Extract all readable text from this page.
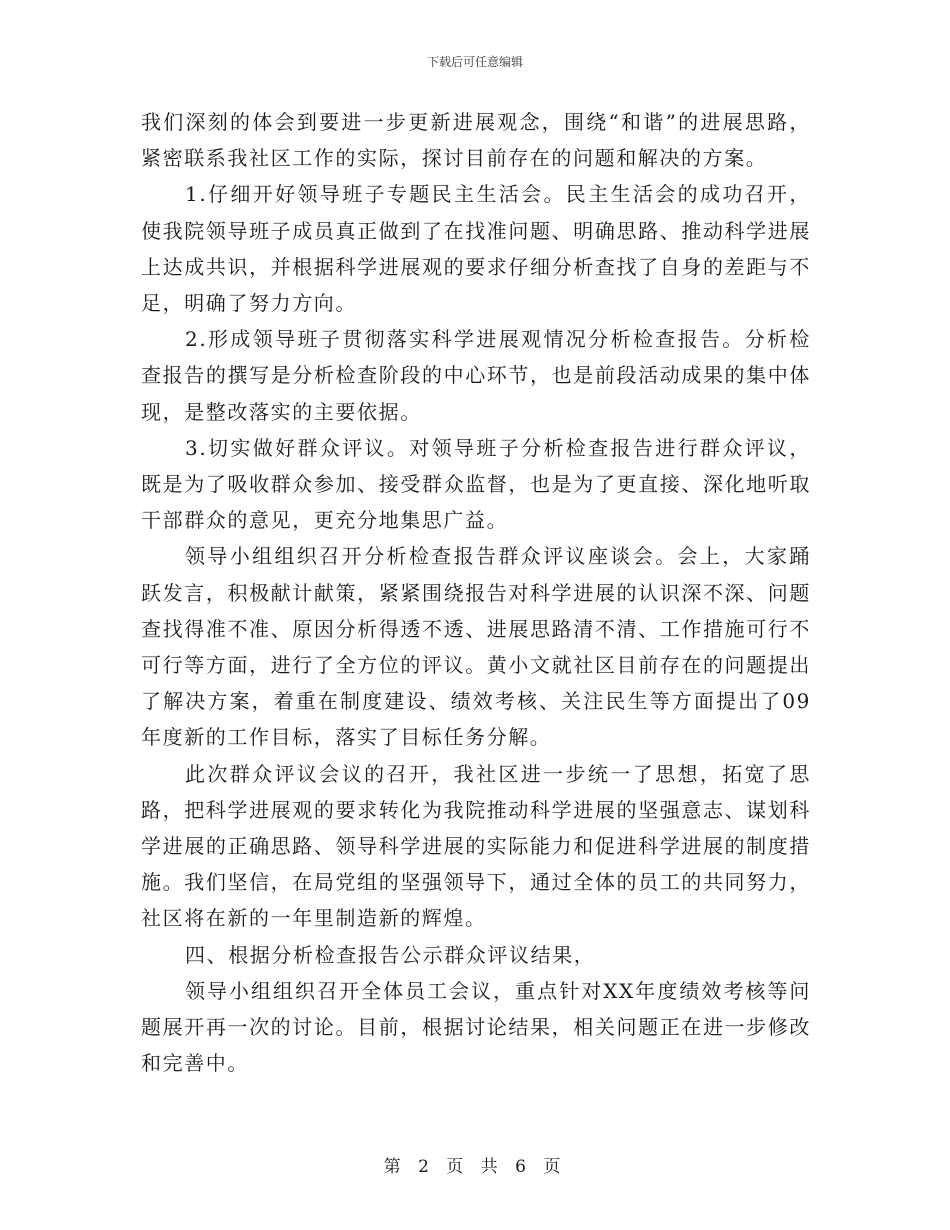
下载后可任意编辑

我们深刻的体会到要进一步更新进展观念，围绕“和谐”的进展思路，紧密联系我社区工作的实际，探讨目前存在的问题和解决的方案。

1.仔细开好领导班子专题民主生活会。民主生活会的成功召开，使我院领导班子成员真正做到了在找准问题、明确思路、推动科学进展上达成共识，并根据科学进展观的要求仔细分析查找了自身的差距与不足，明确了努力方向。

2.形成领导班子贯彻落实科学进展观情况分析检查报告。分析检查报告的撰写是分析检查阶段的中心环节，也是前段活动成果的集中体现，是整改落实的主要依据。

3.切实做好群众评议。对领导班子分析检查报告进行群众评议，既是为了吸收群众参加、接受群众监督，也是为了更直接、深化地听取干部群众的意见，更充分地集思广益。

领导小组组织召开分析检查报告群众评议座谈会。会上，大家踊跃发言，积极献计献策，紧紧围绕报告对科学进展的认识深不深、问题查找得准不准、原因分析得透不透、进展思路清不清、工作措施可行不可行等方面，进行了全方位的评议。黄小文就社区目前存在的问题提出了解决方案，着重在制度建设、绩效考核、关注民生等方面提出了09年度新的工作目标，落实了目标任务分解。

此次群众评议会议的召开，我社区进一步统一了思想，拓宽了思路，把科学进展观的要求转化为我院推动科学进展的坚强意志、谋划科学进展的正确思路、领导科学进展的实际能力和促进科学进展的制度措施。我们坚信，在局党组的坚强领导下，通过全体的员工的共同努力，社区将在新的一年里制造新的辉煌。

四、根据分析检查报告公示群众评议结果，

领导小组组织召开全体员工会议，重点针对XX年度绩效考核等问题展开再一次的讨论。目前，根据讨论结果，相关问题正在进一步修改和完善中。

第 2 页 共 6 页
